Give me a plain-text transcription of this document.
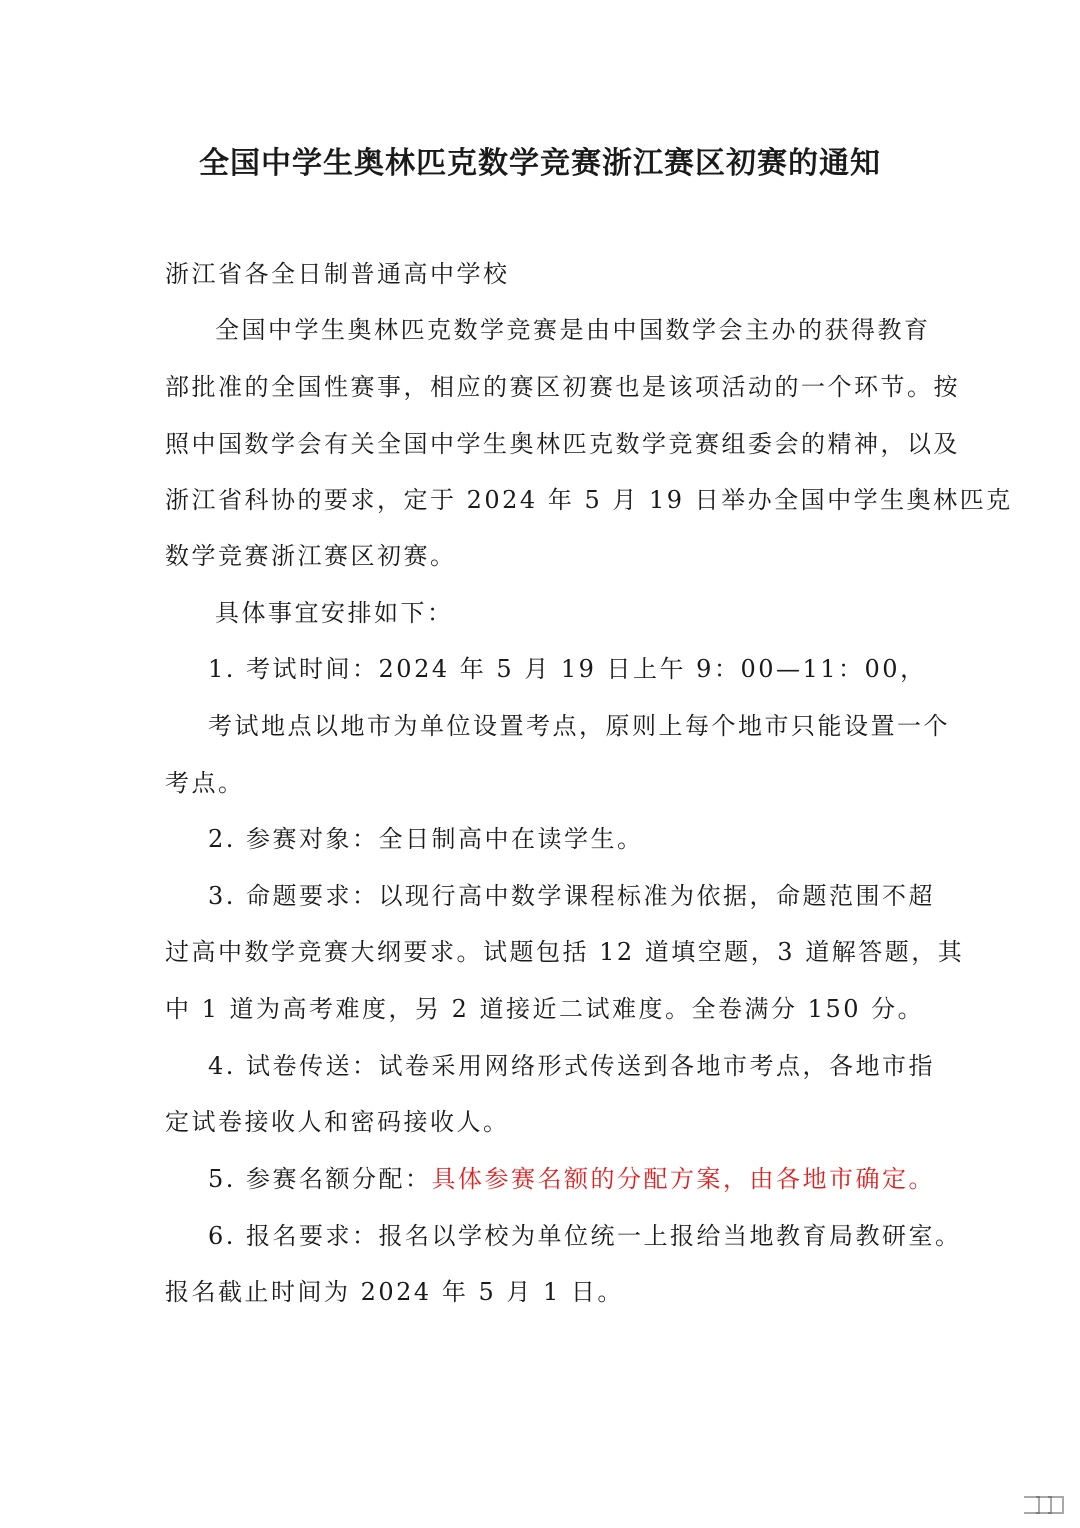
全国中学生奥林匹克数学竞赛浙江赛区初赛的通知
浙江省各全日制普通高中学校
全国中学生奥林匹克数学竞赛是由中国数学会主办的获得教育
部批准的全国性赛事，相应的赛区初赛也是该项活动的一个环节。按
照中国数学会有关全国中学生奥林匹克数学竞赛组委会的精神，以及
浙江省科协的要求，定于 2024 年 5 月 19 日举办全国中学生奥林匹克
数学竞赛浙江赛区初赛。
具体事宜安排如下：
1. 考试时间：2024 年 5 月 19 日上午 9：00—11：00，
考试地点以地市为单位设置考点，原则上每个地市只能设置一个
考点。
2. 参赛对象：全日制高中在读学生。
3. 命题要求：以现行高中数学课程标准为依据，命题范围不超
过高中数学竞赛大纲要求。试题包括 12 道填空题，3 道解答题，其
中 1 道为高考难度，另 2 道接近二试难度。全卷满分 150 分。
4. 试卷传送：试卷采用网络形式传送到各地市考点，各地市指
定试卷接收人和密码接收人。
5. 参赛名额分配：具体参赛名额的分配方案，由各地市确定。
6. 报名要求：报名以学校为单位统一上报给当地教育局教研室。
报名截止时间为 2024 年 5 月 1 日。
